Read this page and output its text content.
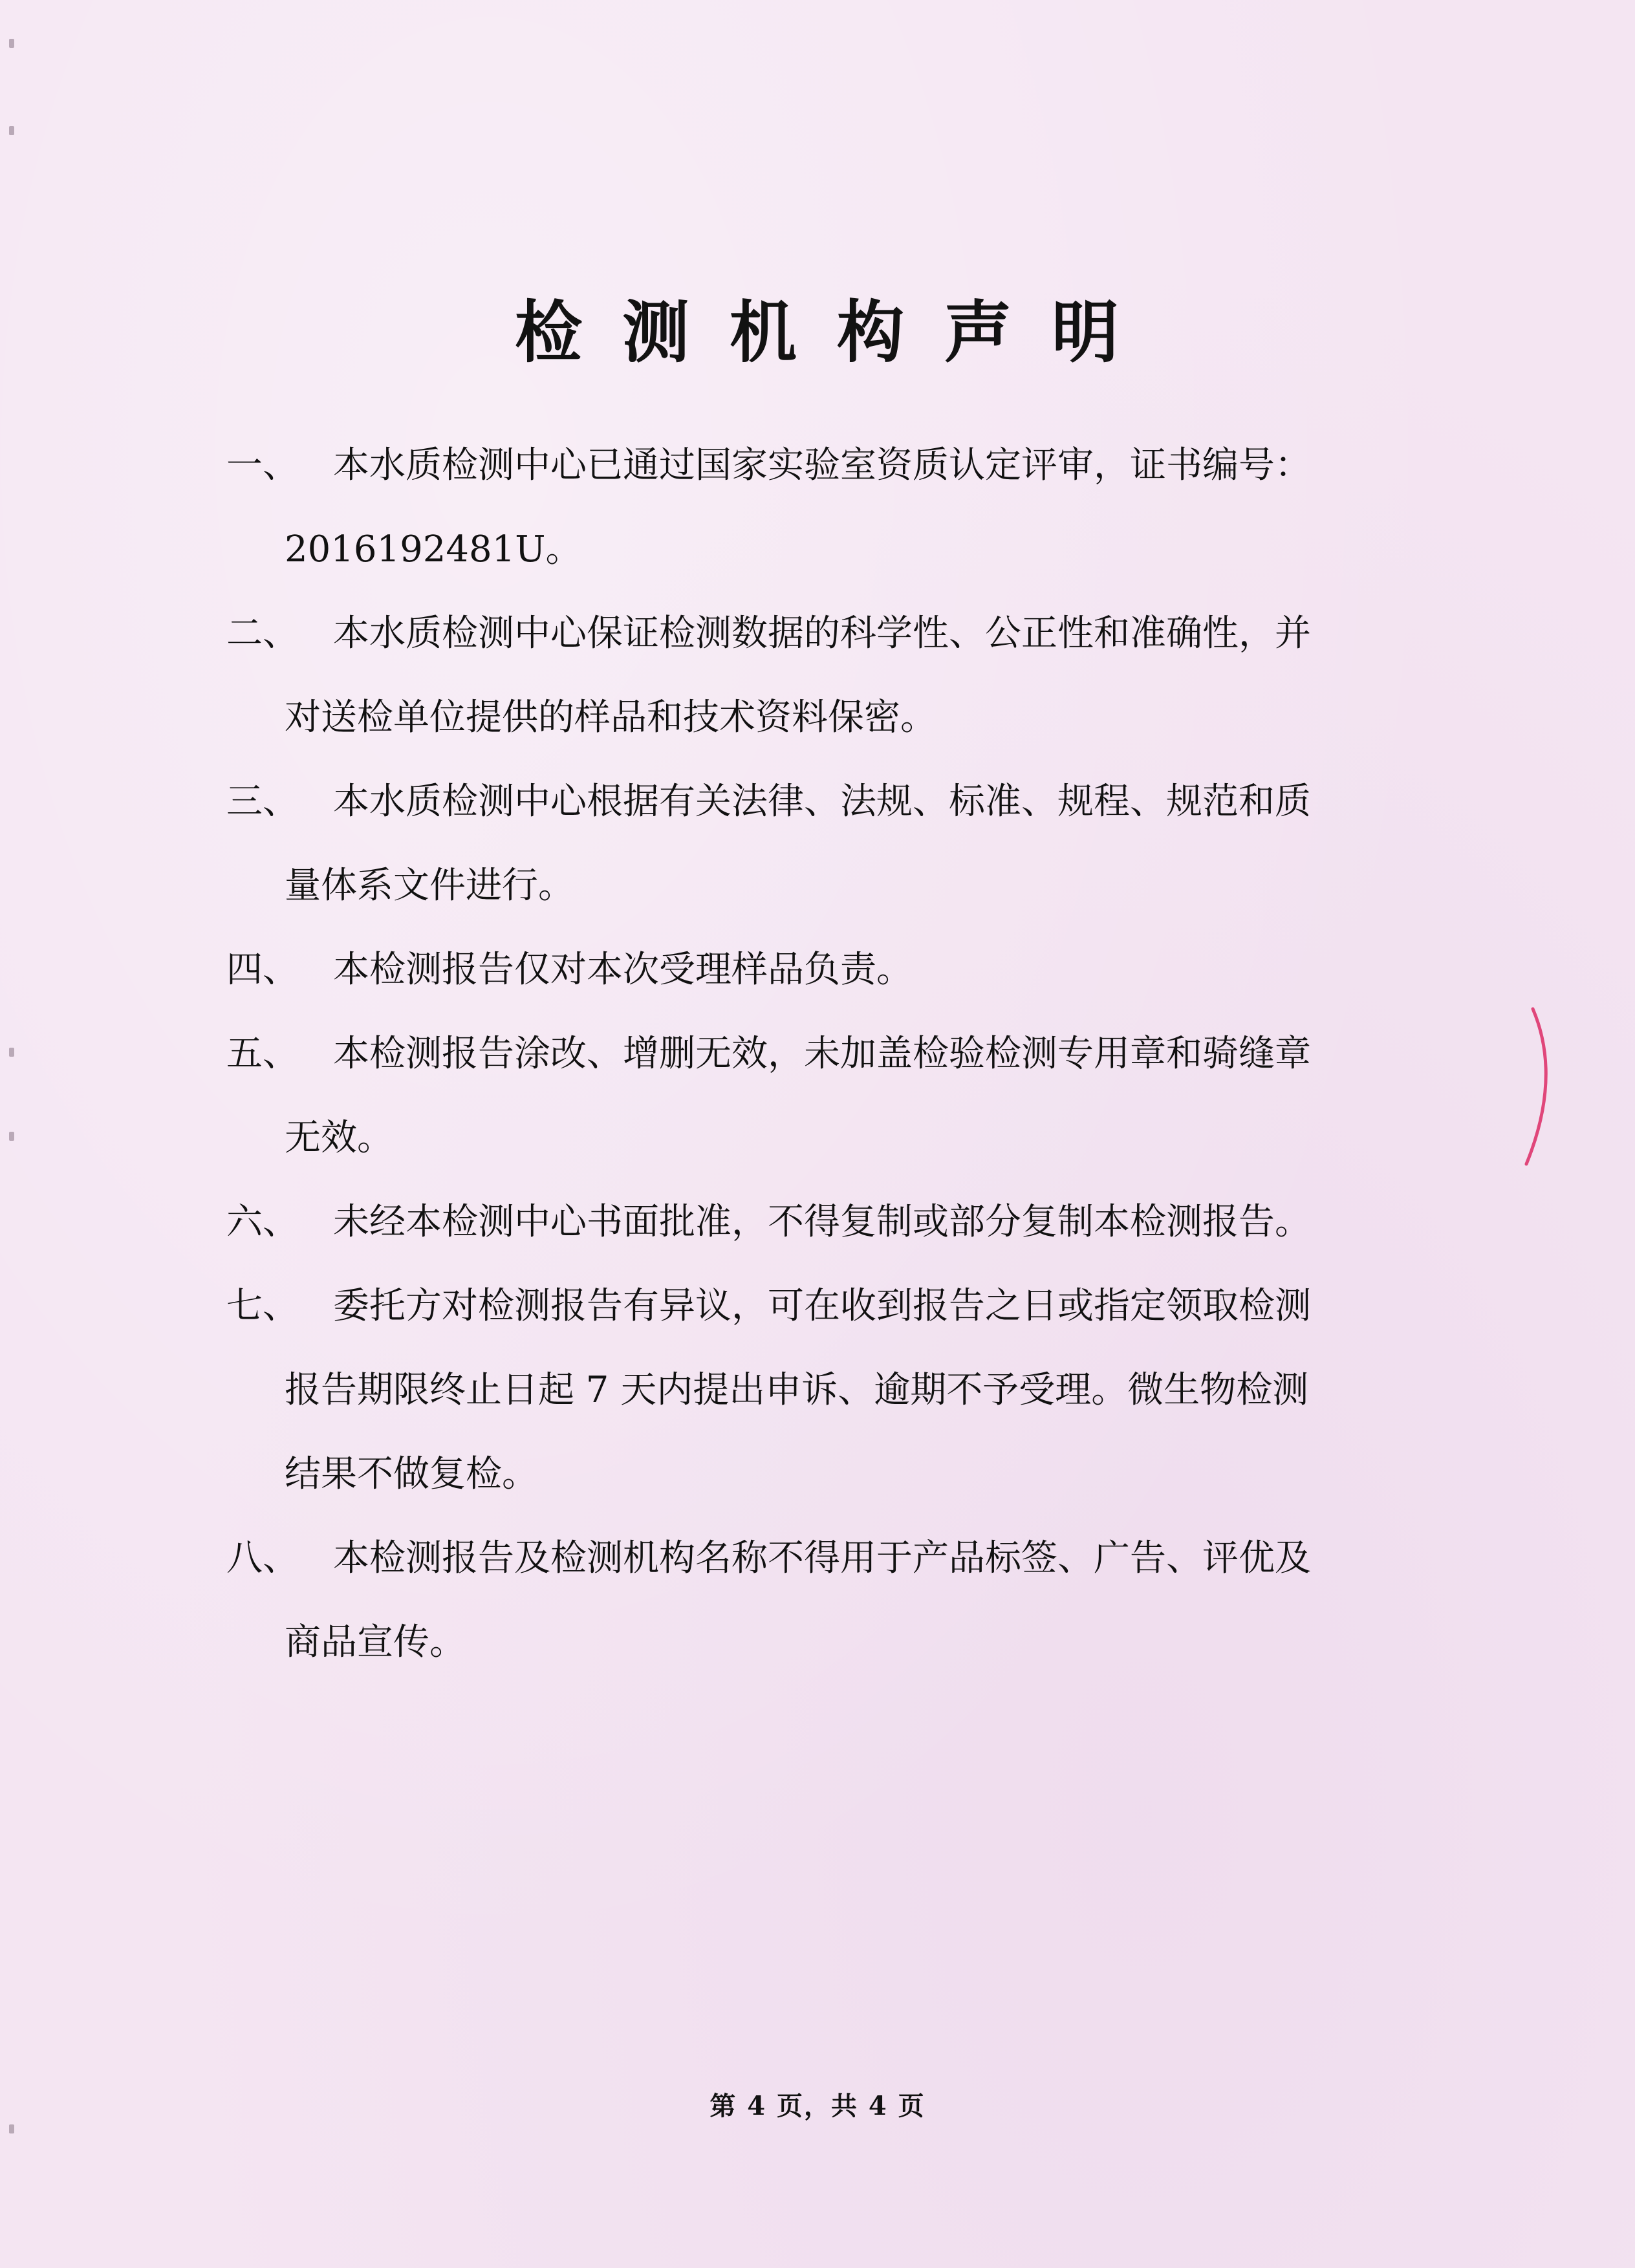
检测机构声明
一、 本水质检测中心已通过国家实验室资质认定评审，证书编号：
2016192481U。
二、 本水质检测中心保证检测数据的科学性、公正性和准确性，并
对送检单位提供的样品和技术资料保密。
三、 本水质检测中心根据有关法律、法规、标准、规程、规范和质
量体系文件进行。
四、 本检测报告仅对本次受理样品负责。
五、 本检测报告涂改、增删无效，未加盖检验检测专用章和骑缝章
无效。
六、 未经本检测中心书面批准，不得复制或部分复制本检测报告。
七、 委托方对检测报告有异议，可在收到报告之日或指定领取检测
报告期限终止日起 7 天内提出申诉、逾期不予受理。微生物检测
结果不做复检。
八、 本检测报告及检测机构名称不得用于产品标签、广告、评优及
商品宣传。
第 4 页，共 4 页
